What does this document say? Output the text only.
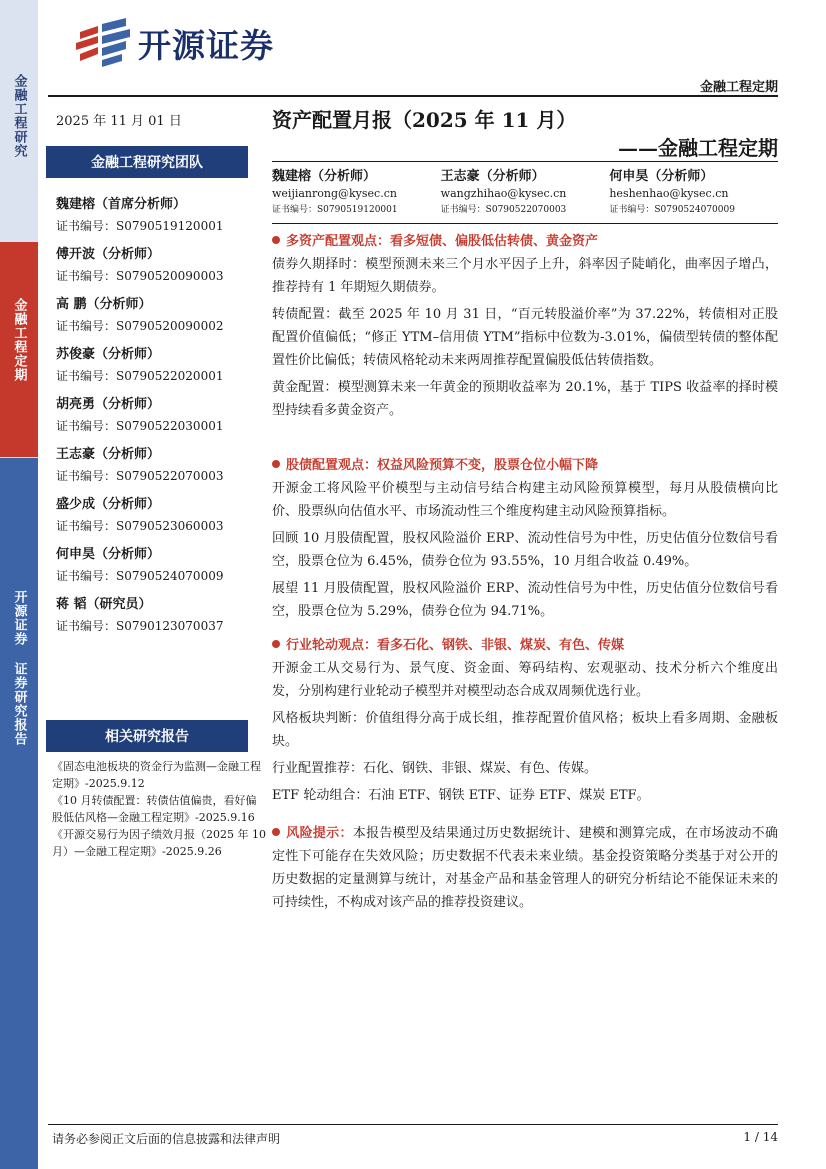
金融工程研究
金融工程定期
开源证券 证券研究报告
开源证券
金融工程定期
2025 年 11 月 01 日
金融工程研究团队
魏建榕（首席分析师）
证书编号：S0790519120001
傅开波（分析师）
证书编号：S0790520090003
高 鹏（分析师）
证书编号：S0790520090002
苏俊豪（分析师）
证书编号：S0790522020001
胡亮勇（分析师）
证书编号：S0790522030001
王志豪（分析师）
证书编号：S0790522070003
盛少成（分析师）
证书编号：S0790523060003
何申昊（分析师）
证书编号：S0790524070009
蒋 韬（研究员）
证书编号：S0790123070037
相关研究报告

《固态电池板块的资金行为监测—金融工程定期》-2025.9.12

《10 月转债配置：转债估值偏贵，看好偏股低估风格—金融工程定期》-2025.9.16

《开源交易行为因子绩效月报（2025 年 10 月）—金融工程定期》-2025.9.26

资产配置月报（2025 年 11 月）
——金融工程定期
魏建榕（分析师）
weijianrong@kysec.cn
证书编号：S0790519120001
王志豪（分析师）
wangzhihao@kysec.cn
证书编号：S0790522070003
何申昊（分析师）
heshenhao@kysec.cn
证书编号：S0790524070009
多资产配置观点：看多短债、偏股低估转债、黄金资产

债券久期择时：模型预测未来三个月水平因子上升，斜率因子陡峭化，曲率因子增凸，推荐持有 1 年期短久期债券。

转债配置：截至 2025 年 10 月 31 日，“百元转股溢价率”为 37.22%，转债相对正股配置价值偏低；“修正 YTM–信用债 YTM”指标中位数为-3.01%，偏债型转债的整体配置性价比偏低；转债风格轮动未来两周推荐配置偏股低估转债指数。

黄金配置：模型测算未来一年黄金的预期收益率为 20.1%，基于 TIPS 收益率的择时模型持续看多黄金资产。

股债配置观点：权益风险预算不变，股票仓位小幅下降

开源金工将风险平价模型与主动信号结合构建主动风险预算模型，每月从股债横向比价、股票纵向估值水平、市场流动性三个维度构建主动风险预算指标。

回顾 10 月股债配置，股权风险溢价 ERP、流动性信号为中性，历史估值分位数信号看空，股票仓位为 6.45%，债券仓位为 93.55%，10 月组合收益 0.49%。

展望 11 月股债配置，股权风险溢价 ERP、流动性信号为中性，历史估值分位数信号看空，股票仓位为 5.29%，债券仓位为 94.71%。

行业轮动观点：看多石化、钢铁、非银、煤炭、有色、传媒

开源金工从交易行为、景气度、资金面、筹码结构、宏观驱动、技术分析六个维度出发，分别构建行业轮动子模型并对模型动态合成双周频优选行业。

风格板块判断：价值组得分高于成长组，推荐配置价值风格；板块上看多周期、金融板块。

行业配置推荐：石化、钢铁、非银、煤炭、有色、传媒。

ETF 轮动组合：石油 ETF、钢铁 ETF、证券 ETF、煤炭 ETF。

风险提示：本报告模型及结果通过历史数据统计、建模和测算完成，在市场波动不确定性下可能存在失效风险；历史数据不代表未来业绩。基金投资策略分类基于对公开的历史数据的定量测算与统计，对基金产品和基金管理人的研究分析结论不能保证未来的可持续性，不构成对该产品的推荐投资建议。

请务必参阅正文后面的信息披露和法律声明	1 / 14
